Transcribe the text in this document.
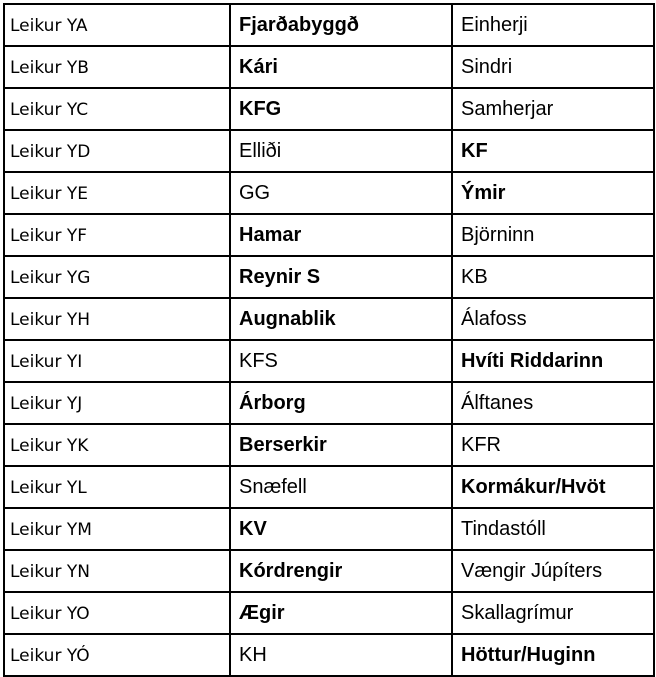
Leikur YA	Fjarðabyggð	Einherji
Leikur YB	Kári	Sindri
Leikur YC	KFG	Samherjar
Leikur YD	Elliði	KF
Leikur YE	GG	Ýmir
Leikur YF	Hamar	Björninn
Leikur YG	Reynir S	KB
Leikur YH	Augnablik	Álafoss
Leikur YI	KFS	Hvíti Riddarinn
Leikur YJ	Árborg	Álftanes
Leikur YK	Berserkir	KFR
Leikur YL	Snæfell	Kormákur/Hvöt
Leikur YM	KV	Tindastóll
Leikur YN	Kórdrengir	Vængir Júpíters
Leikur YO	Ægir	Skallagrímur
Leikur YÓ	KH	Höttur/Huginn
